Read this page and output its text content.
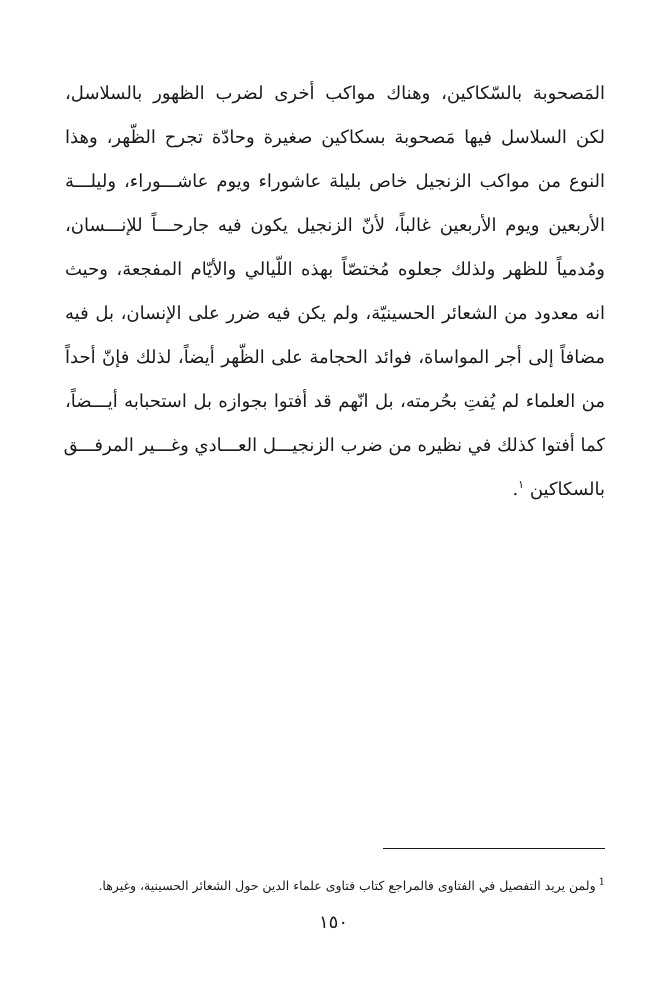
المَصحوبة بالسّكاكين، وهناك مواكب أخرى لضرب الظهور بالسلاسل،
لكن السلاسل فيها مَصحوبة بسكاكين صغيرة وحادّة تجرح الظّهر، وهذا
النوع من مواكب الزنجيل خاص بليلة عاشوراء ويوم عاشـــوراء، وليلـــة
الأربعين ويوم الأربعين غالباً، لأنّ الزنجيل يكون فيه جارحـــاً للإنـــسان،
ومُدمياً للظهر ولذلك جعلوه مُختصّاً بهذه اللّيالي والأيّام المفجعة، وحيث
انه معدود من الشعائر الحسينيّة، ولم يكن فيه ضرر على الإنسان، بل فيه
مضافاً إلى أجر المواساة، فوائد الحجامة على الظّهر أيضاً، لذلك فإنّ أحداً
من العلماء لم يُفتِ بحُرمته، بل انّهم قد أفتوا بجوازه بل استحبابه أيـــضاً،
كما أفتوا كذلك في نظيره من ضرب الزنجيـــل العـــادي وغـــير المرفـــق
بالسكاكين $^١$.
$^1$ولمن يريد التفصيل في الفتاوى فالمراجع كتاب فتاوى علماء الدين حول الشعائر الحسينية، وغيرها.
١٥٠
